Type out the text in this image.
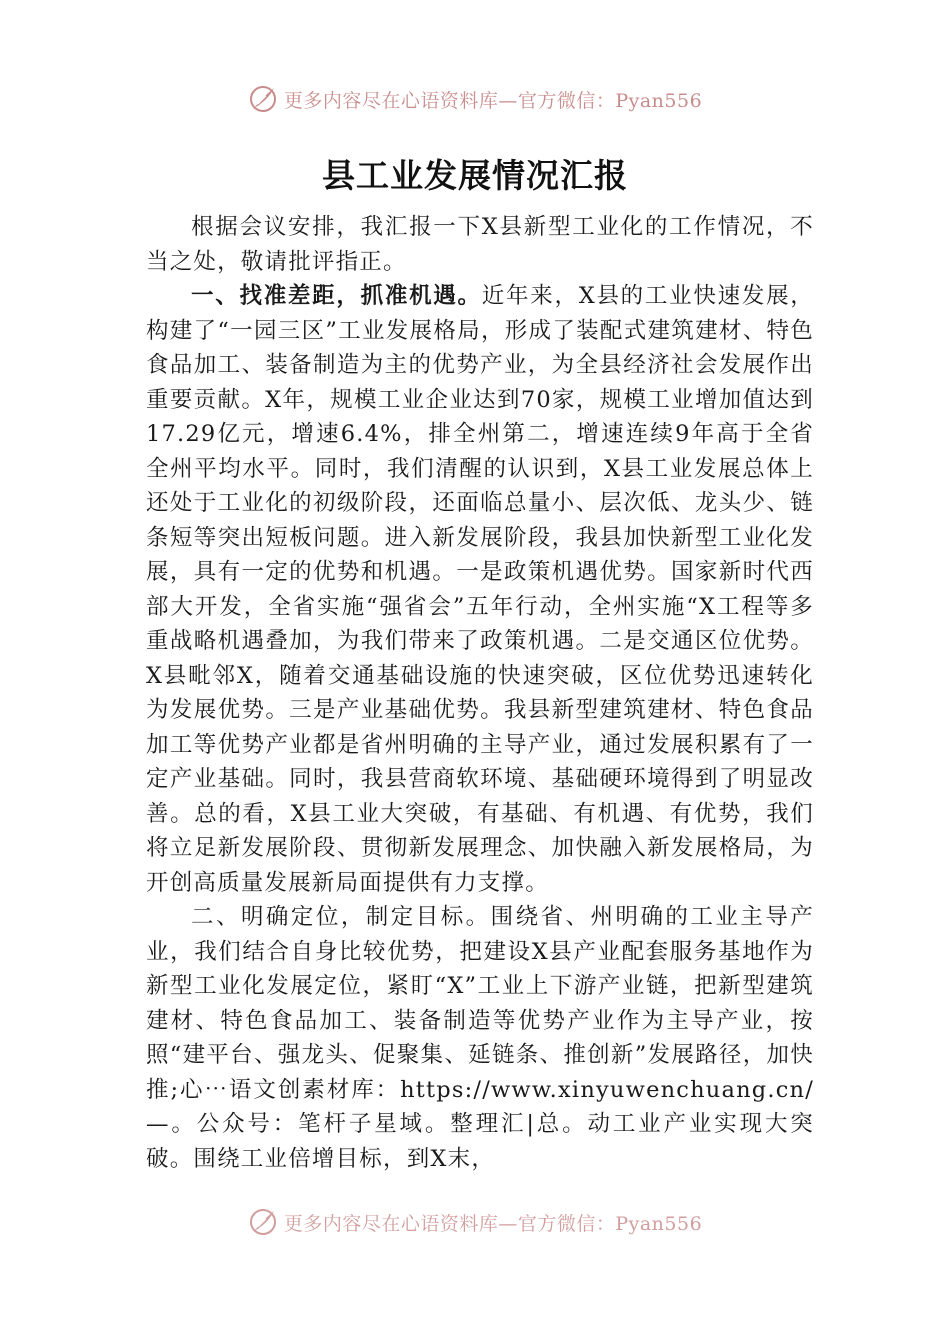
更多内容尽在心语资料库—官方微信：Pyan556
县工业发展情况汇报

根据会议安排，我汇报一下X县新型工业化的工作情况，不当之处，敬请批评指正。

一、找准差距，抓准机遇。近年来，X县的工业快速发展，构建了“一园三区”工业发展格局，形成了装配式建筑建材、特色食品加工、装备制造为主的优势产业，为全县经济社会发展作出重要贡献。X年，规模工业企业达到70家，规模工业增加值达到17.29亿元，增速6.4%，排全州第二，增速连续9年高于全省全州平均水平。同时，我们清醒的认识到，X县工业发展总体上还处于工业化的初级阶段，还面临总量小、层次低、龙头少、链条短等突出短板问题。进入新发展阶段，我县加快新型工业化发展，具有一定的优势和机遇。一是政策机遇优势。国家新时代西部大开发，全省实施“强省会”五年行动，全州实施“X工程等多重战略机遇叠加，为我们带来了政策机遇。二是交通区位优势。X县毗邻X，随着交通基础设施的快速突破，区位优势迅速转化为发展优势。三是产业基础优势。我县新型建筑建材、特色食品加工等优势产业都是省州明确的主导产业，通过发展积累有了一定产业基础。同时，我县营商软环境、基础硬环境得到了明显改善。总的看，X县工业大突破，有基础、有机遇、有优势，我们将立足新发展阶段、贯彻新发展理念、加快融入新发展格局，为开创高质量发展新局面提供有力支撑。

二、明确定位，制定目标。围绕省、州明确的工业主导产业，我们结合自身比较优势，把建设X县产业配套服务基地作为新型工业化发展定位，紧盯“X”工业上下游产业链，把新型建筑建材、特色食品加工、装备制造等优势产业作为主导产业，按照“建平台、强龙头、促聚集、延链条、推创新”发展路径，加快推;心⋯语文创素材库：https://www.xinyuwenchuang.cn/—。公众号：笔杆子星域。整理汇|总。动工业产业实现大突破。围绕工业倍增目标，到X末，

更多内容尽在心语资料库—官方微信：Pyan556
